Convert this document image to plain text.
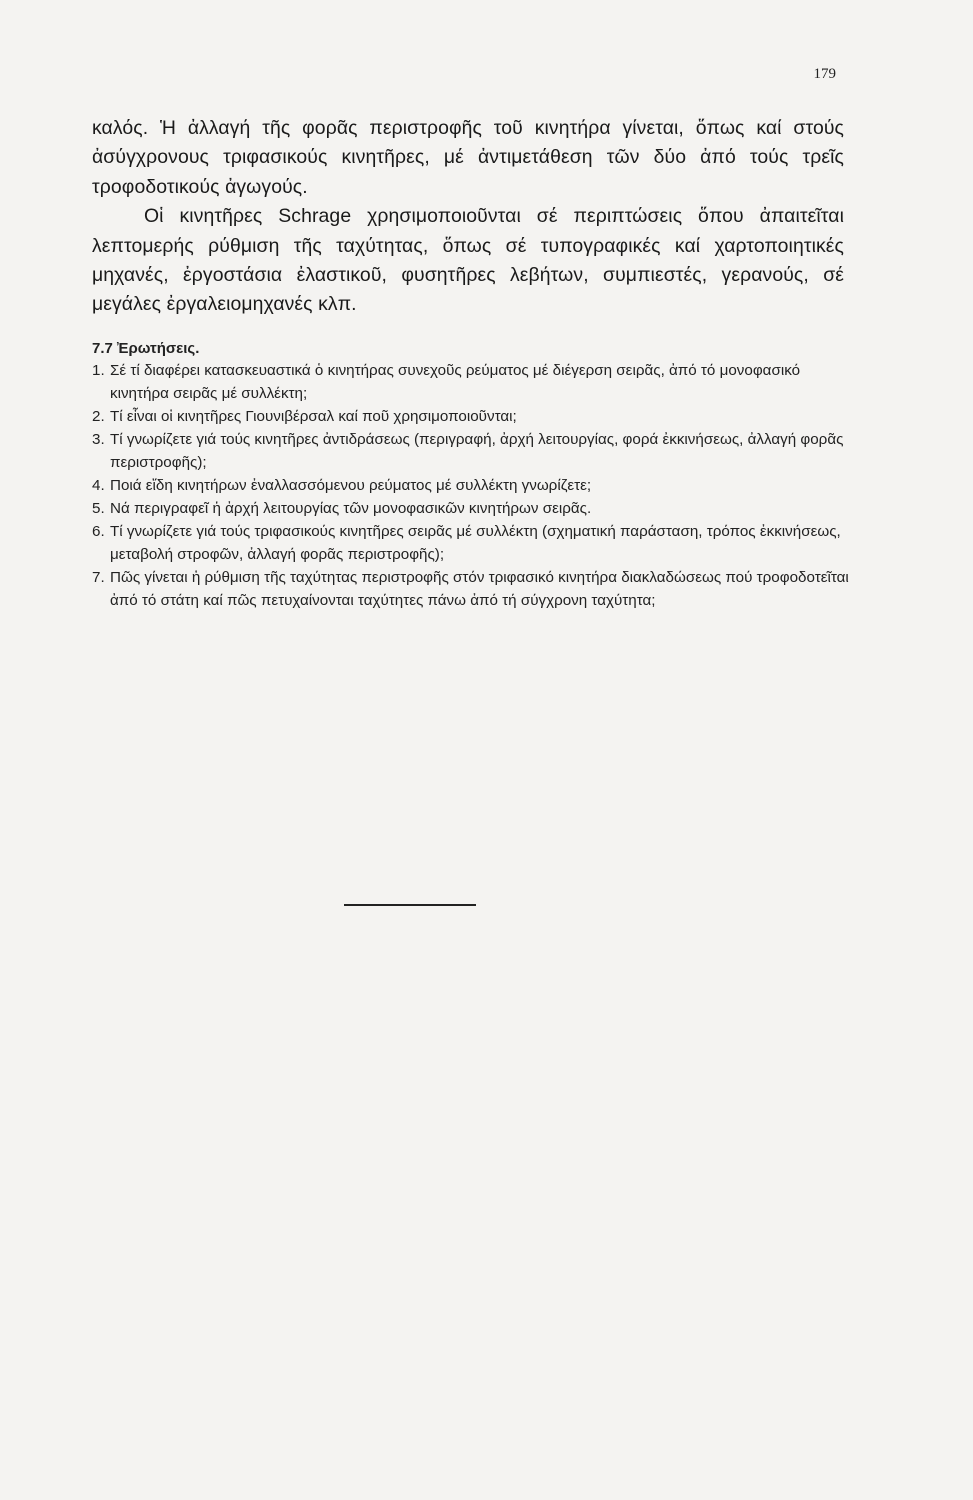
179

καλός. Ἡ ἀλλαγή τῆς φορᾶς περιστροφῆς τοῦ κινητήρα γίνεται, ὅπως καί στούς ἀσύγχρονους τριφασικούς κινητῆρες, μέ ἀντιμετάθεση τῶν δύο ἀπό τούς τρεῖς τροφοδοτικούς ἀγωγούς.

Οἱ κινητῆρες Schrage χρησιμοποιοῦνται σέ περιπτώσεις ὅπου ἀπαιτεῖται λεπτομερής ρύθμιση τῆς ταχύτητας, ὅπως σέ τυπογραφικές καί χαρτοποιητικές μηχανές, ἐργοστάσια ἐλαστικοῦ, φυσητῆρες λεβήτων, συμπιεστές, γερανούς, σέ μεγάλες ἐργαλειομηχανές κλπ.

7.7 Ἐρωτήσεις.
1. Σέ τί διαφέρει κατασκευαστικά ὁ κινητήρας συνεχοῦς ρεύματος μέ διέγερση σειρᾶς, ἀπό τό μονοφασικό κινητήρα σειρᾶς μέ συλλέκτη;
2. Τί εἶναι οἱ κινητῆρες Γιουνιβέρσαλ καί ποῦ χρησιμοποιοῦνται;
3. Τί γνωρίζετε γιά τούς κινητῆρες ἀντιδράσεως (περιγραφή, ἀρχή λειτουργίας, φορά ἐκκινήσεως, ἀλλαγή φορᾶς περιστροφῆς);
4. Ποιά εἴδη κινητήρων ἐναλλασσόμενου ρεύματος μέ συλλέκτη γνωρίζετε;
5. Νά περιγραφεῖ ἡ ἀρχή λειτουργίας τῶν μονοφασικῶν κινητήρων σειρᾶς.
6. Τί γνωρίζετε γιά τούς τριφασικούς κινητῆρες σειρᾶς μέ συλλέκτη (σχηματική παράσταση, τρόπος ἐκκινήσεως, μεταβολή στροφῶν, ἀλλαγή φορᾶς περιστροφῆς);
7. Πῶς γίνεται ἡ ρύθμιση τῆς ταχύτητας περιστροφῆς στόν τριφασικό κινητήρα διακλαδώσεως πού τροφοδοτεῖται ἀπό τό στάτη καί πῶς πετυχαίνονται ταχύτητες πάνω ἀπό τή σύγχρονη ταχύτητα;
